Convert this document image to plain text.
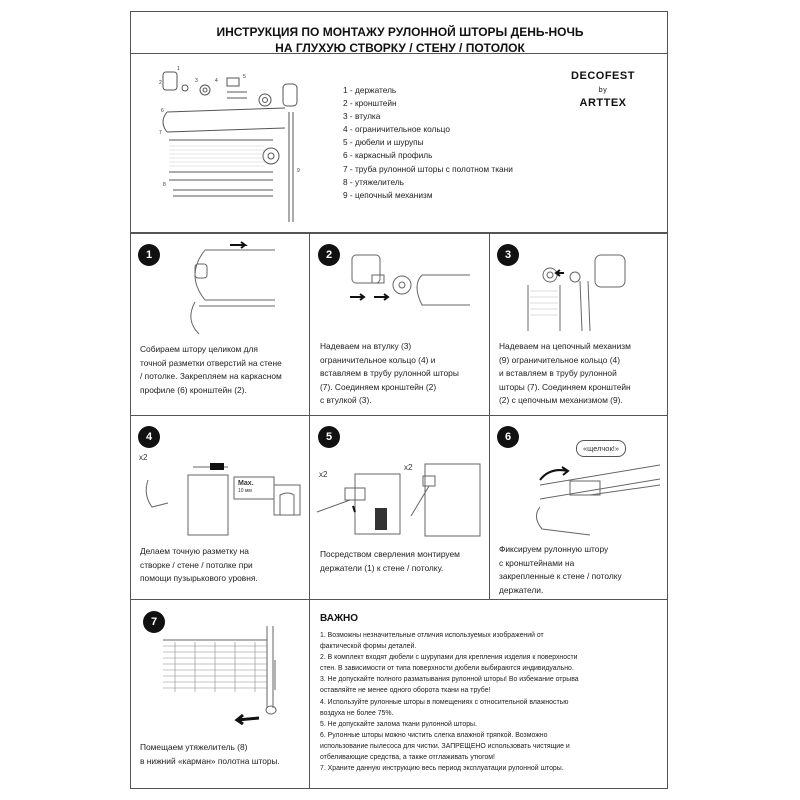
ИНСТРУКЦИЯ ПО МОНТАЖУ РУЛОННОЙ ШТОРЫ ДЕНЬ-НОЧЬ
НА ГЛУХУЮ СТВОРКУ / СТЕНУ / ПОТОЛОК
1
2	3	4
5
6
7
8
9
1 - держатель
2 - кронштейн
3 - втулка
4 - ограничительное кольцо
5 - дюбели и шурупы
6 - каркасный профиль
7 - труба рулонной шторы с полотном ткани
8 - утяжелитель
9 - цепочный механизм
DECOFEST
by
ARTTEX
1
Собираем штору целиком для
точной разметки отверстий на стене
/ потолке. Закрепляем на каркасном
профиле (6) кронштейн (2).
2
Надеваем на втулку (3)
ограничительное кольцо (4) и
вставляем в трубу рулонной шторы
(7). Соединяем кронштейн (2)
с втулкой (3).
3
Надеваем на цепочный механизм
(9) ограничительное кольцо (4)
и вставляем в трубу рулонной
шторы (7). Соединяем кронштейн
(2) с цепочным механизмом (9).
4
x2
Мах.
10 мм
Делаем точную разметку на
створке / стене / потолке при
помощи пузырькового уровня.
5
x2
x2
Посредством сверления монтируем
держатели (1) к стене / потолку.
6
«щелчок!»
Фиксируем рулонную штору
с кронштейнами на
закрепленные к стене / потолку
держатели.
7
Помещаем утяжелитель (8)
в нижний «карман» полотна шторы.
ВАЖНО

1. Возможны незначительные отличия используемых изображений от

фактической формы деталей.

2. В комплект входят дюбели с шурупами для крепления изделия к поверхности

стен. В зависимости от типа поверхности дюбели выбираются индивидуально.

3. Не допускайте полного разматывания рулонной шторы! Во избежание отрыва

оставляйте не менее одного оборота ткани на трубе!

4. Используйте рулонные шторы в помещениях с относительной влажностью

воздуха не более 75%.

5. Не допускайте залома ткани рулонной шторы.

6. Рулонные шторы можно чистить слегка влажной тряпкой. Возможно

использование пылесоса для чистки. ЗАПРЕЩЕНО использовать чистящие и

отбеливающие средства, а также отглаживать утюгом!

7. Храните данную инструкцию весь период эксплуатации рулонной шторы.
